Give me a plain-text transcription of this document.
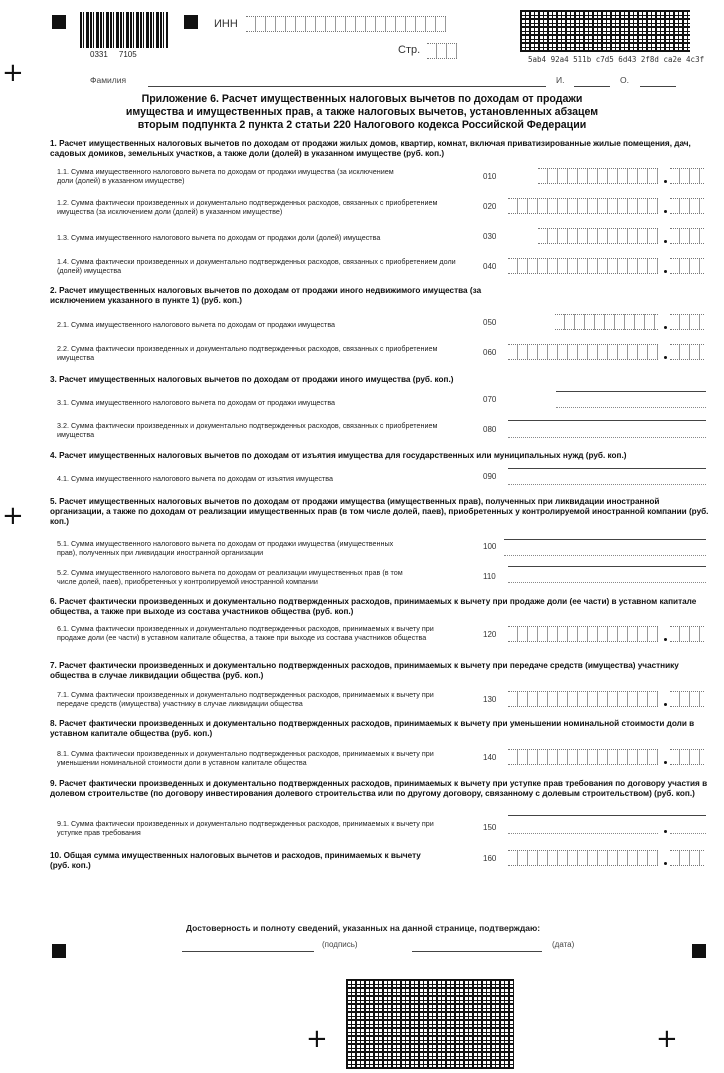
+
+
+	+
0331     7105
ИНН
Стр.
5ab4 92a4 511b c7d5 6d43 2f8d ca2e 4c3f
Фамилия	И.	О.
Приложение 6. Расчет имущественных налоговых вычетов по доходам от продажи
имущества и имущественных прав, а также налоговых вычетов, установленных абзацем
вторым подпункта 2 пункта 2 статьи 220 Налогового кодекса Российской Федерации
1. Расчет имущественных налоговых вычетов по доходам от продажи жилых домов, квартир, комнат, включая приватизированные жилые помещения, дач, садовых домиков, земельных участков, а также доли (долей) в указанном имуществе (руб. коп.)
1.1. Сумма имущественного налогового вычета по доходам от продажи имущества (за исключением доли (долей) в указанном имуществе)	010
1.2. Сумма фактически произведенных и документально подтвержденных расходов, связанных с приобретением имущества (за исключением доли (долей) в указанном имуществе)
020
1.3. Сумма имущественного налогового вычета по доходам от продажи доли (долей) имущества	030
1.4. Сумма фактически произведенных и документально подтвержденных расходов, связанных с приобретением доли (долей) имущества	040
2. Расчет имущественных налоговых вычетов по доходам от продажи иного недвижимого имущества (за исключением указанного в пункте 1) (руб. коп.)
2.1. Сумма имущественного налогового вычета по доходам от продажи имущества	050
2.2. Сумма фактически произведенных и документально подтвержденных расходов, связанных с приобретением имущества
060
3. Расчет имущественных налоговых вычетов по доходам от продажи иного имущества (руб. коп.)
3.1. Сумма имущественного налогового вычета по доходам от продажи имущества	070
3.2. Сумма фактически произведенных и документально подтвержденных расходов, связанных с приобретением имущества
080
4. Расчет имущественных налоговых вычетов по доходам от изъятия имущества для государственных или муниципальных нужд (руб. коп.)
4.1. Сумма имущественного налогового вычета по доходам от изъятия имущества	090
5. Расчет имущественных налоговых вычетов по доходам от продажи имущества (имущественных прав), полученных при ликвидации иностранной организации, а также по доходам от реализации имущественных прав (в том числе долей, паев), приобретенных у контролируемой иностранной компании (руб. коп.)
5.1. Сумма имущественного налогового вычета по доходам от продажи имущества (имущественных прав), полученных при ликвидации иностранной организации
100
5.2. Сумма имущественного налогового вычета по доходам от реализации имущественных прав (в том числе долей, паев), приобретенных у контролируемой иностранной компании
110
6. Расчет фактически произведенных и документально подтвержденных расходов, принимаемых к вычету при продаже доли (ее части) в уставном капитале общества, а также при выходе из состава участников общества (руб. коп.)
6.1. Сумма фактически произведенных и документально подтвержденных расходов, принимаемых к вычету при продаже доли (ее части) в уставном капитале общества, а также при выходе из состава участников общества	120
7. Расчет фактически произведенных и документально подтвержденных расходов, принимаемых к вычету при передаче средств (имущества) участнику общества в случае ликвидации общества (руб. коп.)
7.1. Сумма фактически произведенных и документально подтвержденных расходов, принимаемых к вычету при передаче средств (имущества) участнику в случае ликвидации общества	130
8. Расчет фактически произведенных и документально подтвержденных расходов, принимаемых к вычету при уменьшении номинальной стоимости доли в уставном капитале общества (руб. коп.)
8.1. Сумма фактически произведенных и документально подтвержденных расходов, принимаемых к вычету при уменьшении номинальной стоимости доли в уставном капитале общества
140
9. Расчет фактически произведенных и документально подтвержденных расходов, принимаемых к вычету при уступке прав требования по договору участия в долевом строительстве (по договору инвестирования долевого строительства или по другому договору, связанному с долевым строительством) (руб. коп.)
9.1. Сумма фактически произведенных и документально подтвержденных расходов, принимаемых к вычету при уступке прав требования
150
10. Общая сумма имущественных налоговых вычетов и расходов, принимаемых к вычету (руб. коп.)
160
Достоверность и полноту сведений, указанных на данной странице, подтверждаю:
(подпись)	(дата)
